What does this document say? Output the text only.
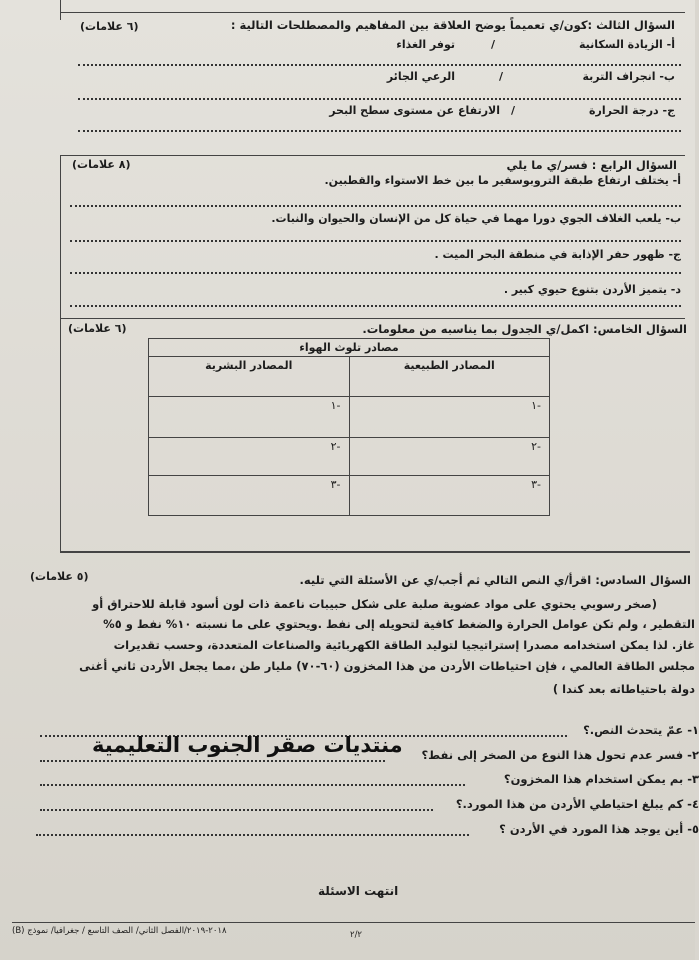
السؤال الثالث :كون/ي تعميماً يوضح العلاقة بين المفاهيم والمصطلحات التالية :
(٦ علامات)
أ- الزيادة السكانية
/
توفر الغذاء
ب- انجراف التربة
/
الرعي الجائر
ج- درجة الحرارة
/
الارتفاع عن مستوى سطح البحر
السؤال الرابع : فسر/ي ما يلي
(٨ علامات)
أ- يختلف ارتفاع طبقة التروبوسفير ما بين خط الاستواء والقطبين.
ب- يلعب الغلاف الجوي دورا مهما في حياة كل من الإنسان والحيوان والنبات.
ج- ظهور حفر الإذابة في منطقة البحر الميت .
د- يتميز الأردن بتنوع حيوي كبير .
السؤال الخامس: اكمل/ي الجدول بما يناسبه من معلومات.
(٦ علامات)
مصادر تلوث الهواء	
المصادر الطبيعية	المصادر البشرية
-١	-١
-٢	-٢
-٣	-٣
السؤال السادس: اقرأ/ي النص التالي ثم أجب/ي عن الأسئلة التي تليه.
(٥ علامات)
(صخر رسوبي يحتوي على مواد عضوية صلبة على شكل حبيبات ناعمة ذات لون أسود قابلة للاحتراق أو
التقطير ، ولم تكن عوامل الحرارة والضغط كافية لتحويله إلى نفط .ويحتوي على ما نسبته ١٠% نفط و ٥%
غاز. لذا يمكن استخدامه مصدرا إستراتيجيا لتوليد الطاقة الكهربائية والصناعات المتعددة، وحسب تقديرات
مجلس الطاقة العالمي ، فإن احتياطات الأردن من هذا المخزون (٦٠-٧٠) مليار طن ،مما يجعل الأردن ثاني أغنى
دولة باحتياطاته بعد كندا )
١- عمّ يتحدث النص.؟
٢- فسر عدم تحول هذا النوع من الصخر إلى نفط؟
٣- بم يمكن استخدام هذا المخزون؟
٤- كم يبلغ احتياطي الأردن من هذا المورد.؟
٥- أين يوجد هذا المورد في الأردن ؟
منتديات صقر الجنوب التعليمية
انتهت الاسئلة
٢/٢
٢٠١٨-٢٠١٩/الفصل الثاني/ الصف التاسع / جغرافيا/ نموذج (B)
